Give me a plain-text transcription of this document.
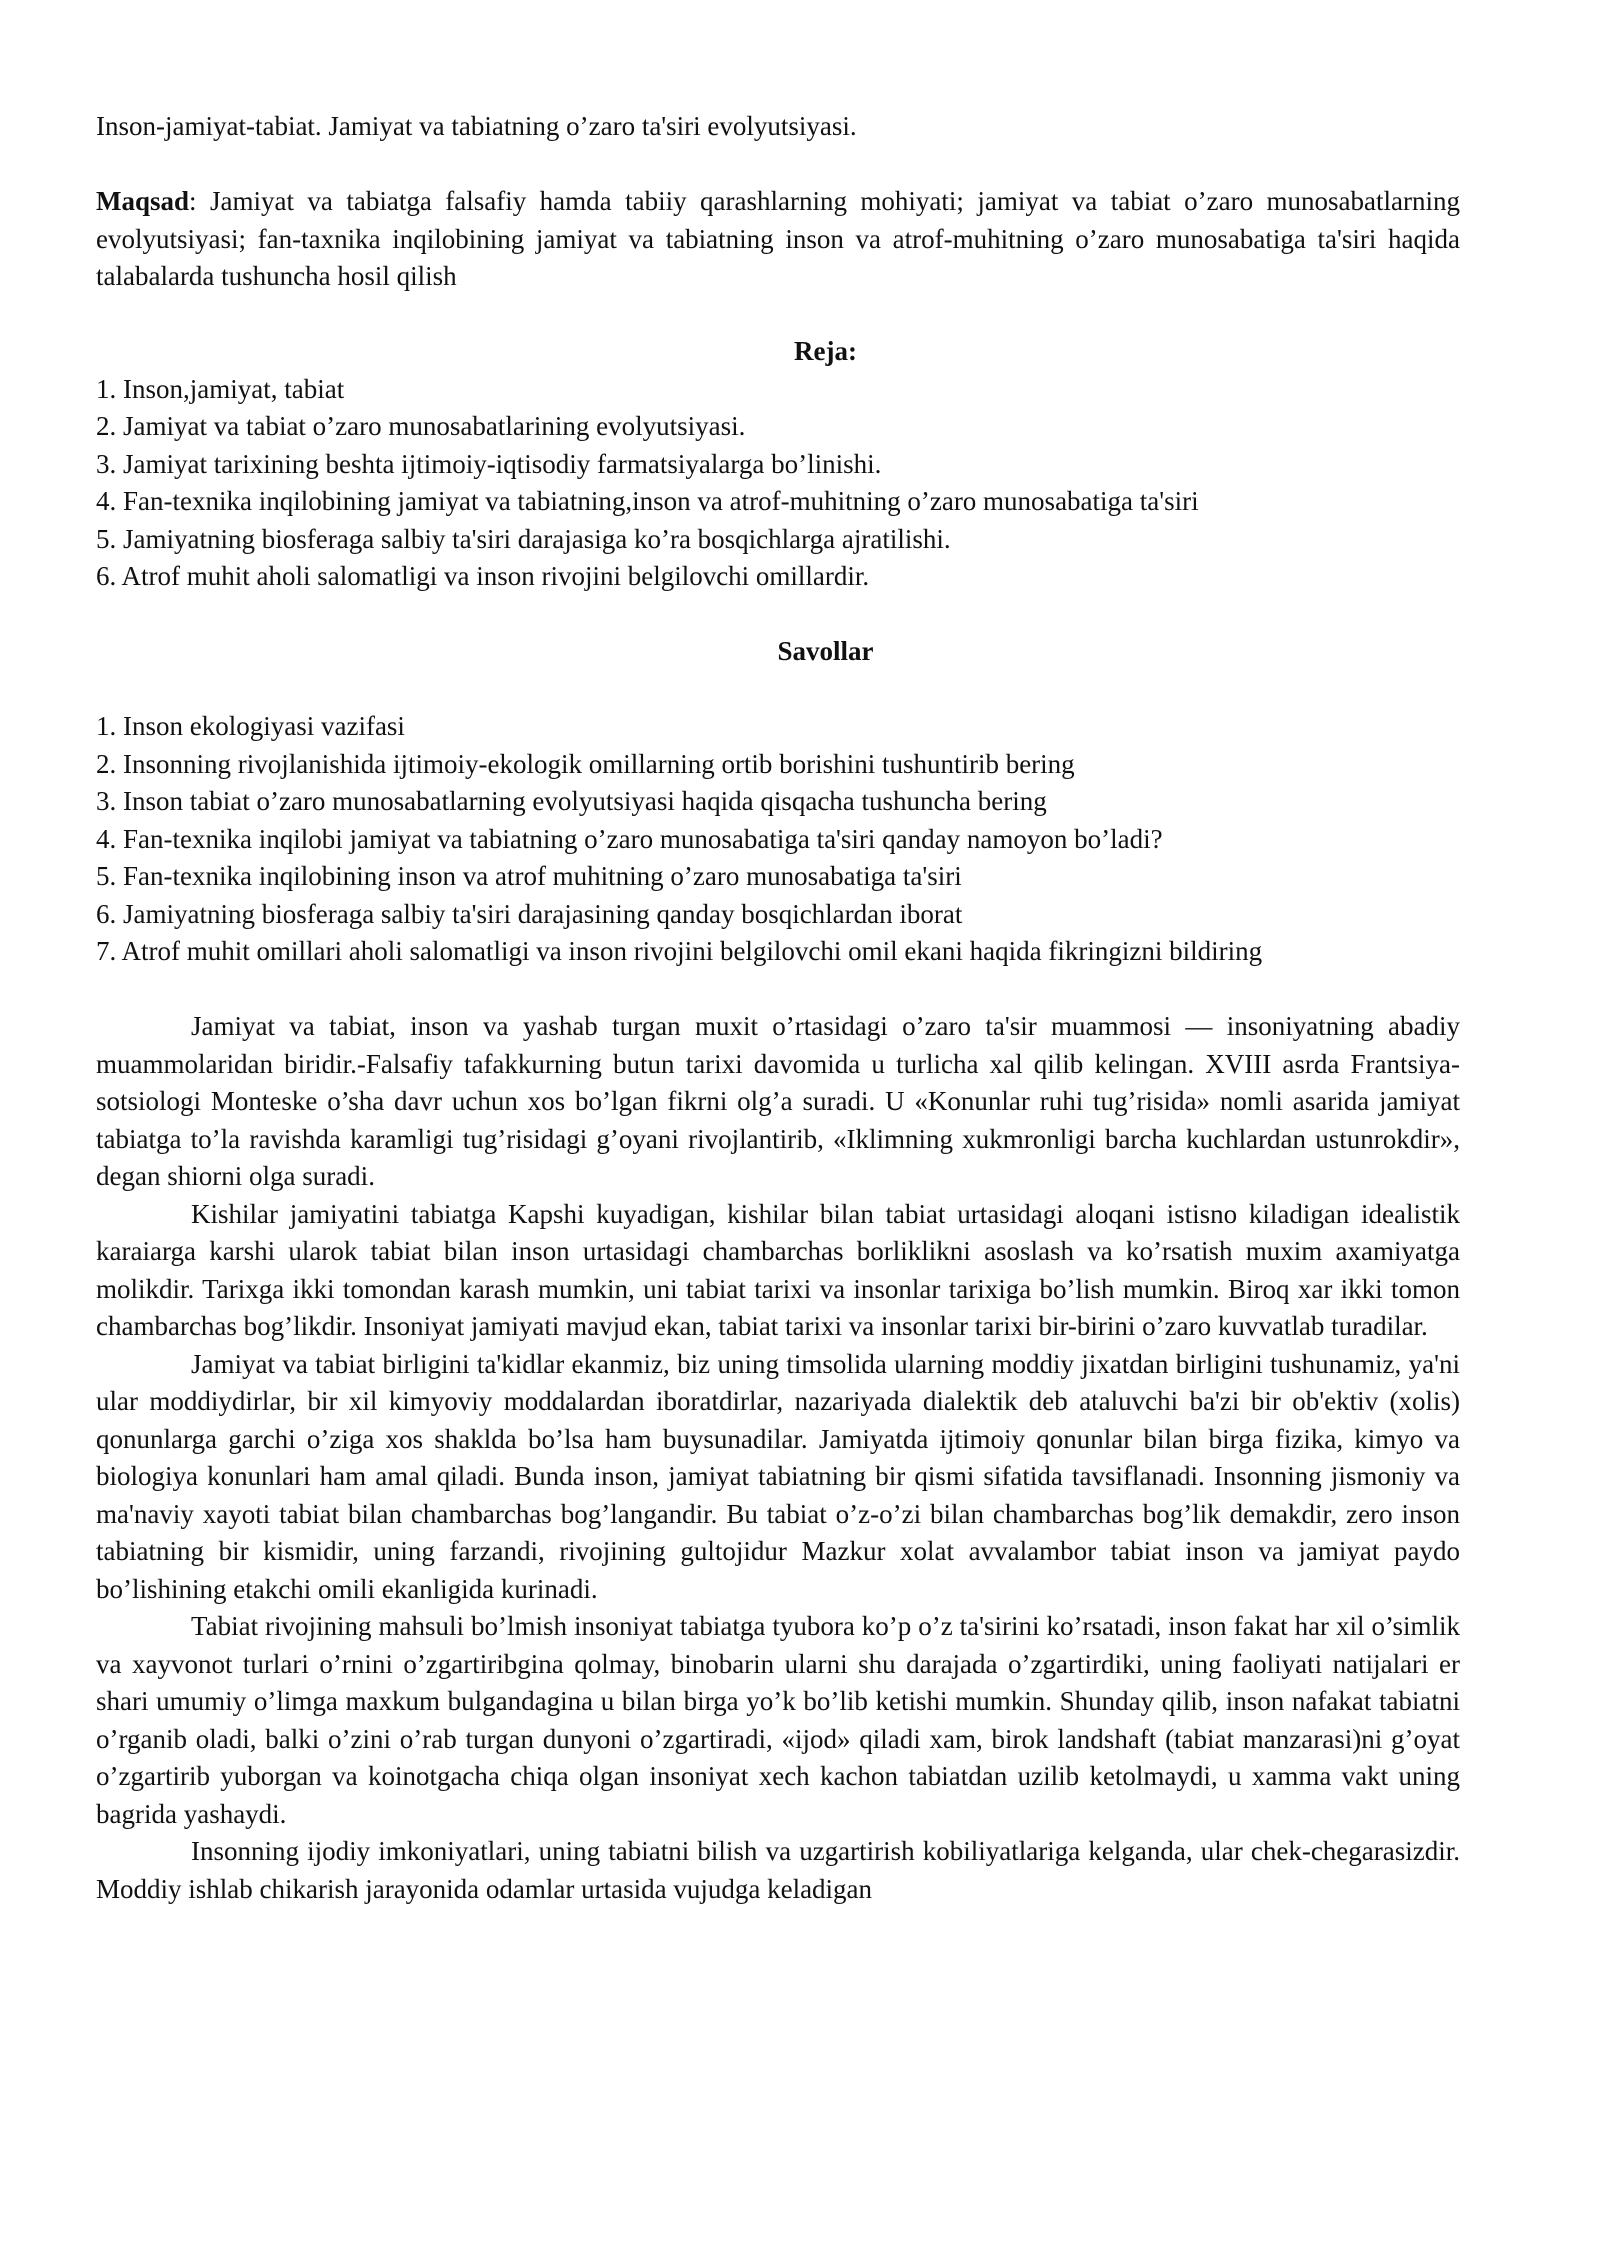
Inson-jamiyat-tabiat. Jamiyat va tabiatning o’zaro ta'siri evolyutsiyasi.

Maqsad: Jamiyat va tabiatga falsafiy hamda tabiiy qarashlarning mohiyati; jamiyat va tabiat o’zaro munosabatlarning evolyutsiyasi; fan-taxnika inqilobining jamiyat va tabiatning inson va atrof-muhitning o’zaro munosabatiga ta'siri haqida talabalarda tushuncha hosil qilish

Reja:

1. Inson,jamiyat, tabiat
2. Jamiyat va tabiat o’zaro munosabatlarining evolyutsiyasi.
3. Jamiyat tarixining beshta ijtimoiy-iqtisodiy farmatsiyalarga bo’linishi.
4. Fan-texnika inqilobining jamiyat va tabiatning,inson va atrof-muhitning o’zaro munosabatiga ta'siri
5. Jamiyatning biosferaga salbiy ta'siri darajasiga ko’ra bosqichlarga ajratilishi.
6. Atrof muhit aholi salomatligi va inson rivojini belgilovchi omillardir.

Savollar

1. Inson ekologiyasi vazifasi
2. Insonning rivojlanishida ijtimoiy-ekologik omillarning ortib borishini tushuntirib bering
3. Inson tabiat o’zaro munosabatlarning evolyutsiyasi haqida qisqacha tushuncha bering
4. Fan-texnika inqilobi jamiyat va tabiatning o’zaro munosabatiga ta'siri qanday namoyon bo’ladi?
5. Fan-texnika inqilobining inson va atrof muhitning o’zaro munosabatiga ta'siri
6. Jamiyatning biosferaga salbiy ta'siri darajasining qanday bosqichlardan iborat
7. Atrof muhit omillari aholi salomatligi va inson rivojini belgilovchi omil ekani haqida fikringizni bildiring

Jamiyat va tabiat, inson va yashab turgan muxit o’rtasidagi o’zaro ta'sir muammosi — insoniyatning abadiy muammolaridan biridir.-Falsafiy tafakkurning butun tarixi davomida u turlicha xal qilib kelingan. XVIII asrda Frantsiya-sotsiologi Monteske o’sha davr uchun xos bo’lgan fikrni olg’a suradi. U «Konunlar ruhi tug’risida» nomli asarida jamiyat tabiatga to’la ravishda karamligi tug’risidagi g’oyani rivojlantirib, «Iklimning xukmronligi barcha kuchlardan ustunrokdir», degan shiorni olga suradi.

Kishilar jamiyatini tabiatga Kapshi kuyadigan, kishilar bilan tabiat urtasidagi aloqani istisno kiladigan idealistik karaiarga karshi ularok tabiat bilan inson urtasidagi chambarchas borliklikni asoslash va ko’rsatish muxim axamiyatga molikdir. Tarixga ikki tomondan karash mumkin, uni tabiat tarixi va insonlar tarixiga bo’lish mumkin. Biroq xar ikki tomon chambarchas bog’likdir. Insoniyat jamiyati mavjud ekan, tabiat tarixi va insonlar tarixi bir-birini o’zaro kuvvatlab turadilar.

Jamiyat va tabiat birligini ta'kidlar ekanmiz, biz uning timsolida ularning moddiy jixatdan birligini tushunamiz, ya'ni ular moddiydirlar, bir xil kimyoviy moddalardan iboratdirlar, nazariyada dialektik deb ataluvchi ba'zi bir ob'ektiv (xolis) qonunlarga garchi o’ziga xos shaklda bo’lsa ham buysunadilar. Jamiyatda ijtimoiy qonunlar bilan birga fizika, kimyo va biologiya konunlari ham amal qiladi. Bunda inson, jamiyat tabiatning bir qismi sifatida tavsiflanadi. Insonning jismoniy va ma'naviy xayoti tabiat bilan chambarchas bog’langandir. Bu tabiat o’z-o’zi bilan chambarchas bog’lik demakdir, zero inson tabiatning bir kismidir, uning farzandi, rivojining gultojidur Mazkur xolat avvalambor tabiat inson va jamiyat paydo bo’lishining etakchi omili ekanligida kurinadi.

Tabiat rivojining mahsuli bo’lmish insoniyat tabiatga tyubora ko’p o’z ta'sirini ko’rsatadi, inson fakat har xil o’simlik va xayvonot turlari o’rnini o’zgartiribgina qolmay, binobarin ularni shu darajada o’zgartirdiki, uning faoliyati natijalari er shari umumiy o’limga maxkum bulgandagina u bilan birga yo’k bo’lib ketishi mumkin. Shunday qilib, inson nafakat tabiatni o’rganib oladi, balki o’zini o’rab turgan dunyoni o’zgartiradi, «ijod» qiladi xam, birok landshaft (tabiat manzarasi)ni g’oyat o’zgartirib yuborgan va koinotgacha chiqa olgan insoniyat xech kachon tabiatdan uzilib ketolmaydi, u xamma vakt uning bagrida yashaydi.

Insonning ijodiy imkoniyatlari, uning tabiatni bilish va uzgartirish kobiliyatlariga kelganda, ular chek-chegarasizdir. Moddiy ishlab chikarish jarayonida odamlar urtasida vujudga keladigan
